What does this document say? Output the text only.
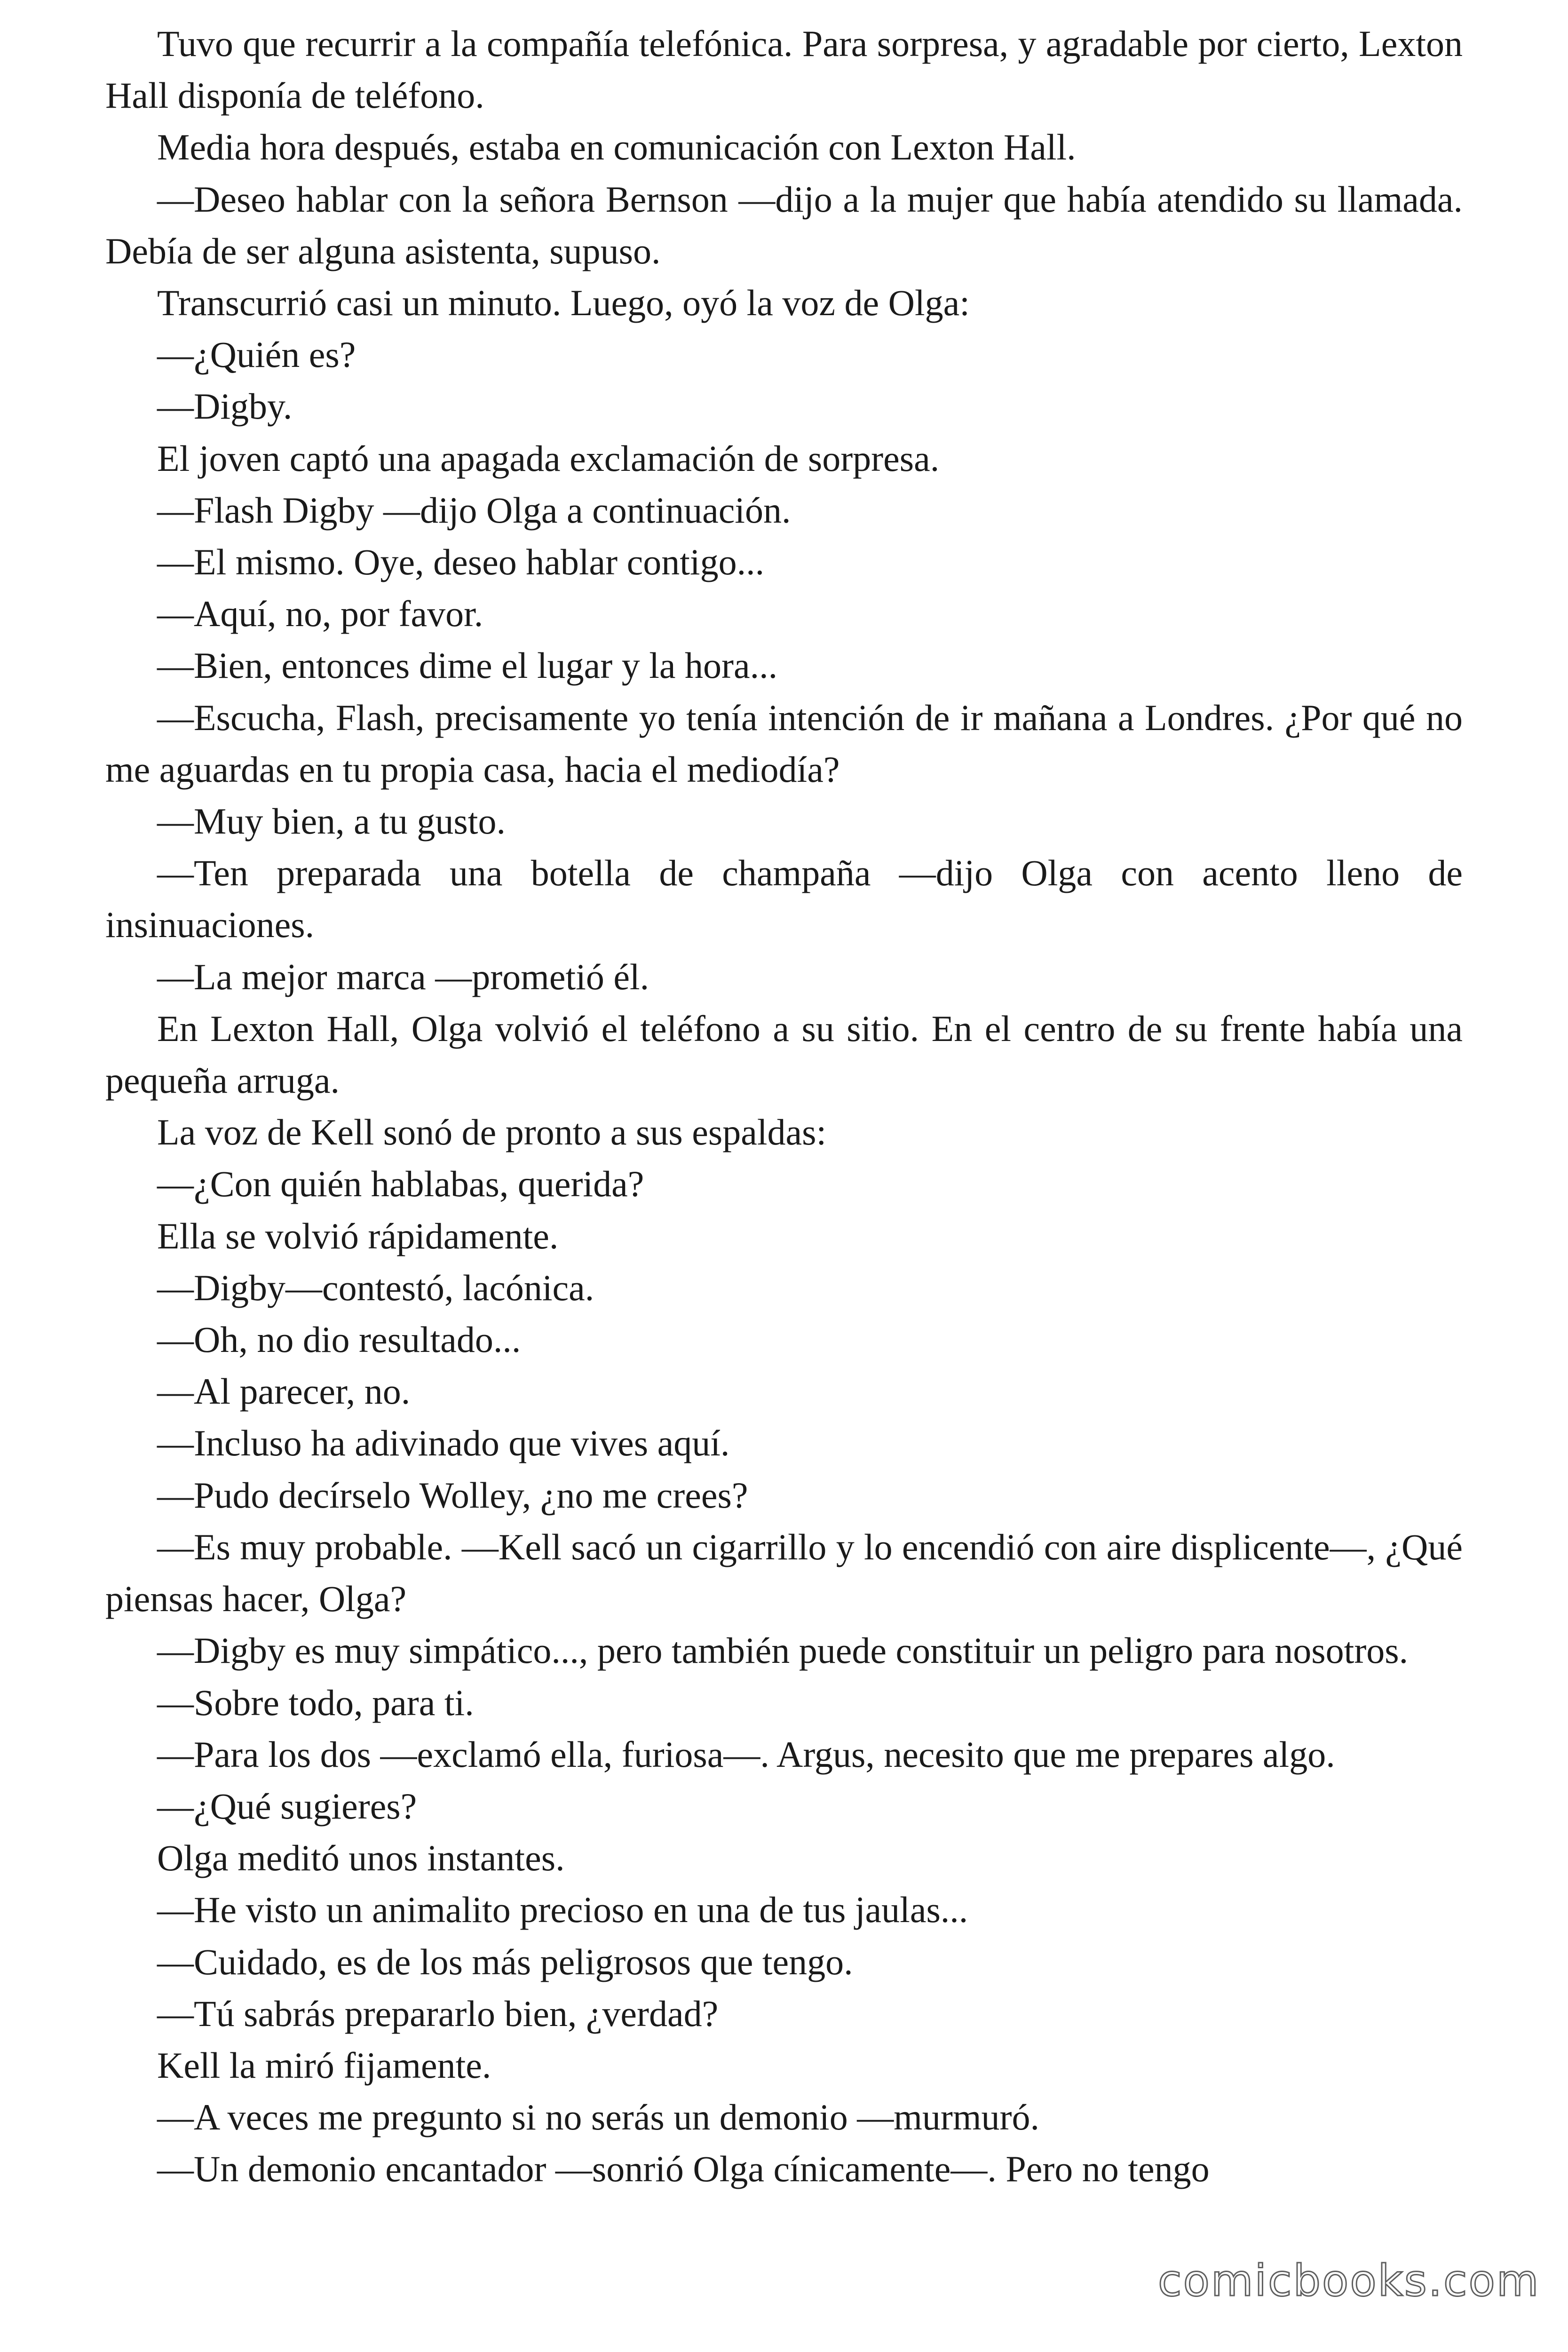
Tuvo que recurrir a la compañía telefónica. Para sorpresa, y agradable por cierto, Lexton Hall disponía de teléfono.

Media hora después, estaba en comunicación con Lexton Hall.

—Deseo hablar con la señora Bernson —dijo a la mujer que había atendido su llamada. Debía de ser alguna asistenta, supuso.

Transcurrió casi un minuto. Luego, oyó la voz de Olga:

—¿Quién es?

—Digby.

El joven captó una apagada exclamación de sorpresa.

—Flash Digby —dijo Olga a continuación.

—El mismo. Oye, deseo hablar contigo...

—Aquí, no, por favor.

—Bien, entonces dime el lugar y la hora...

—Escucha, Flash, precisamente yo tenía intención de ir mañana a Londres. ¿Por qué no me aguardas en tu propia casa, hacia el mediodía?

—Muy bien, a tu gusto.

—Ten preparada una botella de champaña —dijo Olga con acento lleno de insinuaciones.

—La mejor marca —prometió él.

En Lexton Hall, Olga volvió el teléfono a su sitio. En el centro de su frente había una pequeña arruga.

La voz de Kell sonó de pronto a sus espaldas:

—¿Con quién hablabas, querida?

Ella se volvió rápidamente.

—Digby—contestó, lacónica.

—Oh, no dio resultado...

—Al parecer, no.

—Incluso ha adivinado que vives aquí.

—Pudo decírselo Wolley, ¿no me crees?

—Es muy probable. —Kell sacó un cigarrillo y lo encendió con aire displicente—, ¿Qué piensas hacer, Olga?

—Digby es muy simpático..., pero también puede constituir un peligro para nosotros.

—Sobre todo, para ti.

—Para los dos —exclamó ella, furiosa—. Argus, necesito que me prepares algo.

—¿Qué sugieres?

Olga meditó unos instantes.

—He visto un animalito precioso en una de tus jaulas...

—Cuidado, es de los más peligrosos que tengo.

—Tú sabrás prepararlo bien, ¿verdad?

Kell la miró fijamente.

—A veces me pregunto si no serás un demonio —murmuró.

—Un demonio encantador —sonrió Olga cínicamente—. Pero no tengo

comicbooks.com
